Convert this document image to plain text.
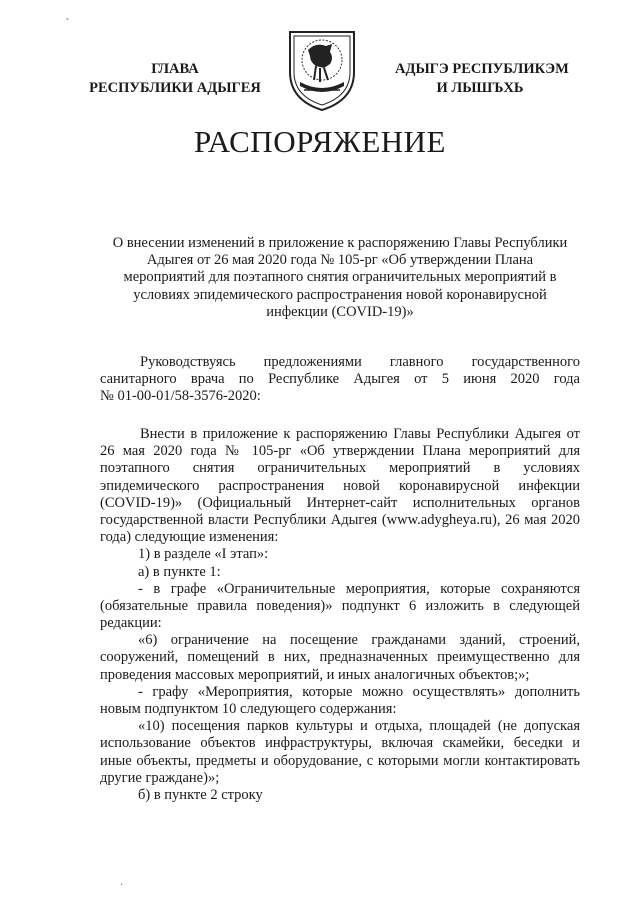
ГЛАВА
РЕСПУБЛИКИ АДЫГЕЯ
АДЫГЭ РЕСПУБЛИКЭМ
И ЛЫШЪХЬ
РАСПОРЯЖЕНИЕ
О внесении изменений в приложение к распоряжению Главы Республики
Адыгея от 26 мая 2020 года № 105-рг «Об утверждении Плана
мероприятий для поэтапного снятия ограничительных мероприятий в
условиях эпидемического распространения новой коронавирусной
инфекции (COVID-19)»
Руководствуясь предложениями главного государственного
санитарного врача по Республике Адыгея от 5 июня 2020 года
№ 01-00-01/58-3576-2020:
Внести в приложение к распоряжению Главы Республики Адыгея от
26 мая 2020 года № 105-рг «Об утверждении Плана мероприятий для
поэтапного снятия ограничительных мероприятий в условиях
эпидемического распространения новой коронавирусной инфекции
(COVID-19)» (Официальный Интернет-сайт исполнительных органов
государственной власти Республики Адыгея (www.adygheya.ru), 26 мая 2020
года) следующие изменения:
1) в разделе «I этап»:
а) в пункте 1:
- в графе «Ограничительные мероприятия, которые сохраняются
(обязательные правила поведения)» подпункт 6 изложить в следующей
редакции:
«6) ограничение на посещение гражданами зданий, строений,
сооружений, помещений в них, предназначенных преимущественно для
проведения массовых мероприятий, и иных аналогичных объектов;»;
- графу «Мероприятия, которые можно осуществлять» дополнить
новым подпунктом 10 следующего содержания:
«10) посещения парков культуры и отдыха, площадей (не допуская
использование объектов инфраструктуры, включая скамейки, беседки и
иные объекты, предметы и оборудование, с которыми могли контактировать
другие граждане)»;
б) в пункте 2 строку
˛
·
